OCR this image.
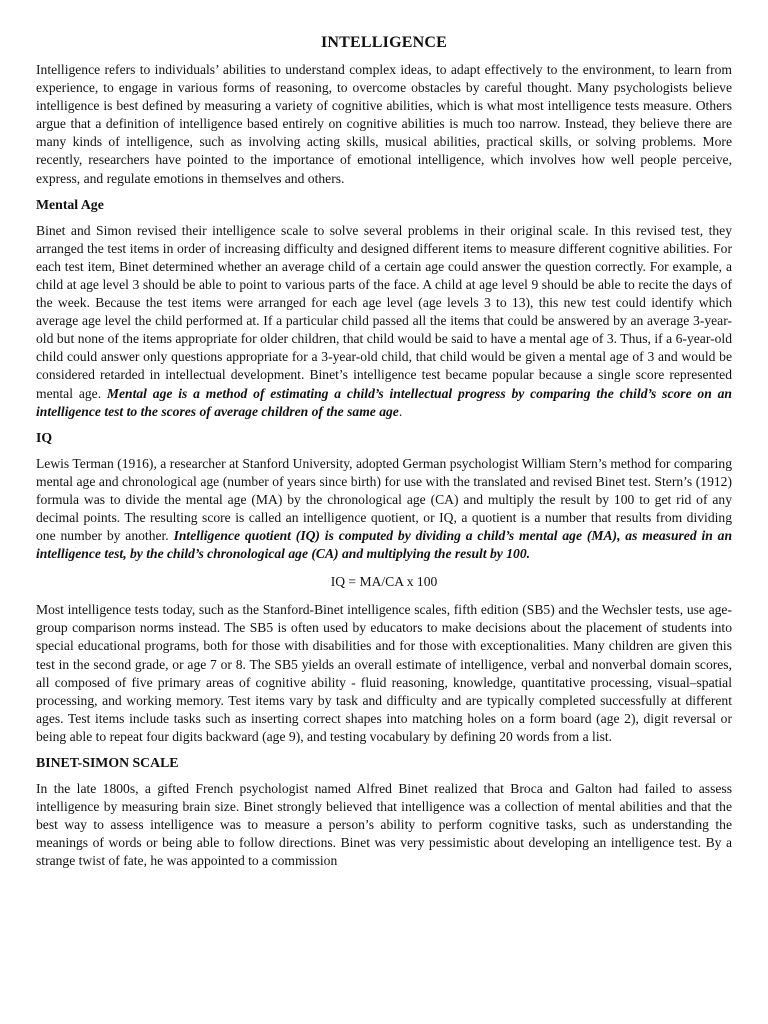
INTELLIGENCE

Intelligence refers to individuals’ abilities to understand complex ideas, to adapt effectively to the environment, to learn from experience, to engage in various forms of reasoning, to overcome obstacles by careful thought. Many psychologists believe intelligence is best defined by measuring a variety of cognitive abilities, which is what most intelligence tests measure. Others argue that a definition of intelligence based entirely on cognitive abilities is much too narrow. Instead, they believe there are many kinds of intelligence, such as involving acting skills, musical abilities, practical skills, or solving problems. More recently, researchers have pointed to the importance of emotional intelligence, which involves how well people perceive, express, and regulate emotions in themselves and others.

Mental Age

Binet and Simon revised their intelligence scale to solve several problems in their original scale. In this revised test, they arranged the test items in order of increasing difficulty and designed different items to measure different cognitive abilities. For each test item, Binet determined whether an average child of a certain age could answer the question correctly. For example, a child at age level 3 should be able to point to various parts of the face. A child at age level 9 should be able to recite the days of the week. Because the test items were arranged for each age level (age levels 3 to 13), this new test could identify which average age level the child performed at. If a particular child passed all the items that could be answered by an average 3-year-old but none of the items appropriate for older children, that child would be said to have a mental age of 3. Thus, if a 6-year-old child could answer only questions appropriate for a 3-year-old child, that child would be given a mental age of 3 and would be considered retarded in intellectual development. Binet’s intelligence test became popular because a single score represented mental age. Mental age is a method of estimating a child’s intellectual progress by comparing the child’s score on an intelligence test to the scores of average children of the same age.

IQ

Lewis Terman (1916), a researcher at Stanford University, adopted German psychologist William Stern’s method for comparing mental age and chronological age (number of years since birth) for use with the translated and revised Binet test. Stern’s (1912) formula was to divide the mental age (MA) by the chronological age (CA) and multiply the result by 100 to get rid of any decimal points. The resulting score is called an intelligence quotient, or IQ, a quotient is a number that results from dividing one number by another. Intelligence quotient (IQ) is computed by dividing a child’s mental age (MA), as measured in an intelligence test, by the child’s chronological age (CA) and multiplying the result by 100.

IQ = MA/CA x 100

Most intelligence tests today, such as the Stanford-Binet intelligence scales, fifth edition (SB5) and the Wechsler tests, use age-group comparison norms instead. The SB5 is often used by educators to make decisions about the placement of students into special educational programs, both for those with disabilities and for those with exceptionalities. Many children are given this test in the second grade, or age 7 or 8. The SB5 yields an overall estimate of intelligence, verbal and nonverbal domain scores, all composed of five primary areas of cognitive ability - fluid reasoning, knowledge, quantitative processing, visual–spatial processing, and working memory. Test items vary by task and difficulty and are typically completed successfully at different ages. Test items include tasks such as inserting correct shapes into matching holes on a form board (age 2), digit reversal or being able to repeat four digits backward (age 9), and testing vocabulary by defining 20 words from a list.

BINET-SIMON SCALE

In the late 1800s, a gifted French psychologist named Alfred Binet realized that Broca and Galton had failed to assess intelligence by measuring brain size. Binet strongly believed that intelligence was a collection of mental abilities and that the best way to assess intelligence was to measure a person’s ability to perform cognitive tasks, such as understanding the meanings of words or being able to follow directions. Binet was very pessimistic about developing an intelligence test. By a strange twist of fate, he was appointed to a commission
